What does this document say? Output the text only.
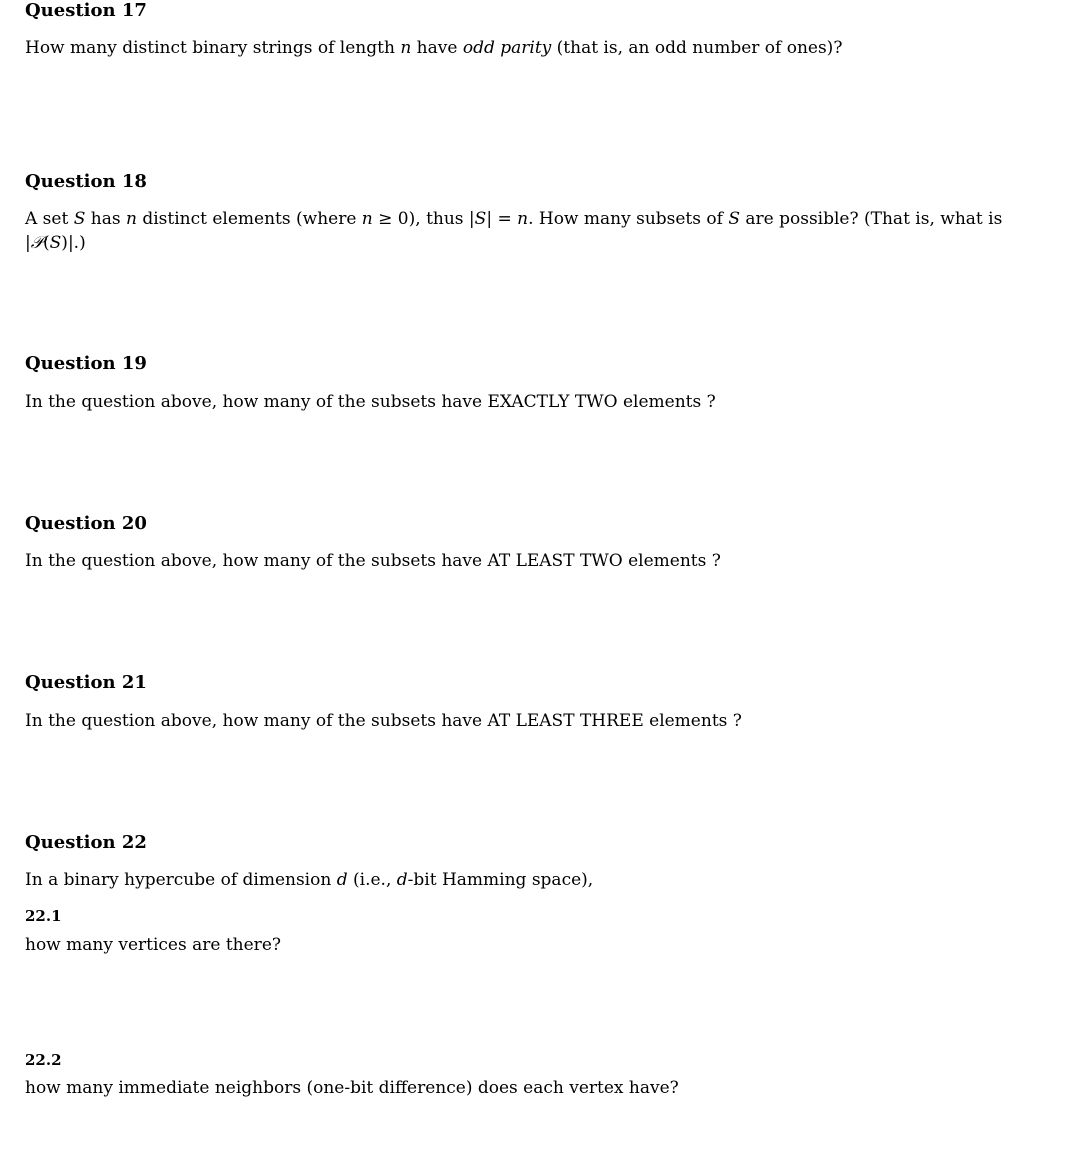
Question 17
How many distinct binary strings of length n have odd parity (that is, an odd number of ones)?
Question 18
A set S has n distinct elements (where n ≥ 0), thus |S| = n. How many subsets of S are possible? (That is, what is
|𝒫(S)|.)
Question 19
In the question above, how many of the subsets have EXACTLY TWO elements ?
Question 20
In the question above, how many of the subsets have AT LEAST TWO elements ?
Question 21
In the question above, how many of the subsets have AT LEAST THREE elements ?
Question 22
In a binary hypercube of dimension d (i.e., d-bit Hamming space),
22.1
how many vertices are there?
22.2
how many immediate neighbors (one-bit difference) does each vertex have?
